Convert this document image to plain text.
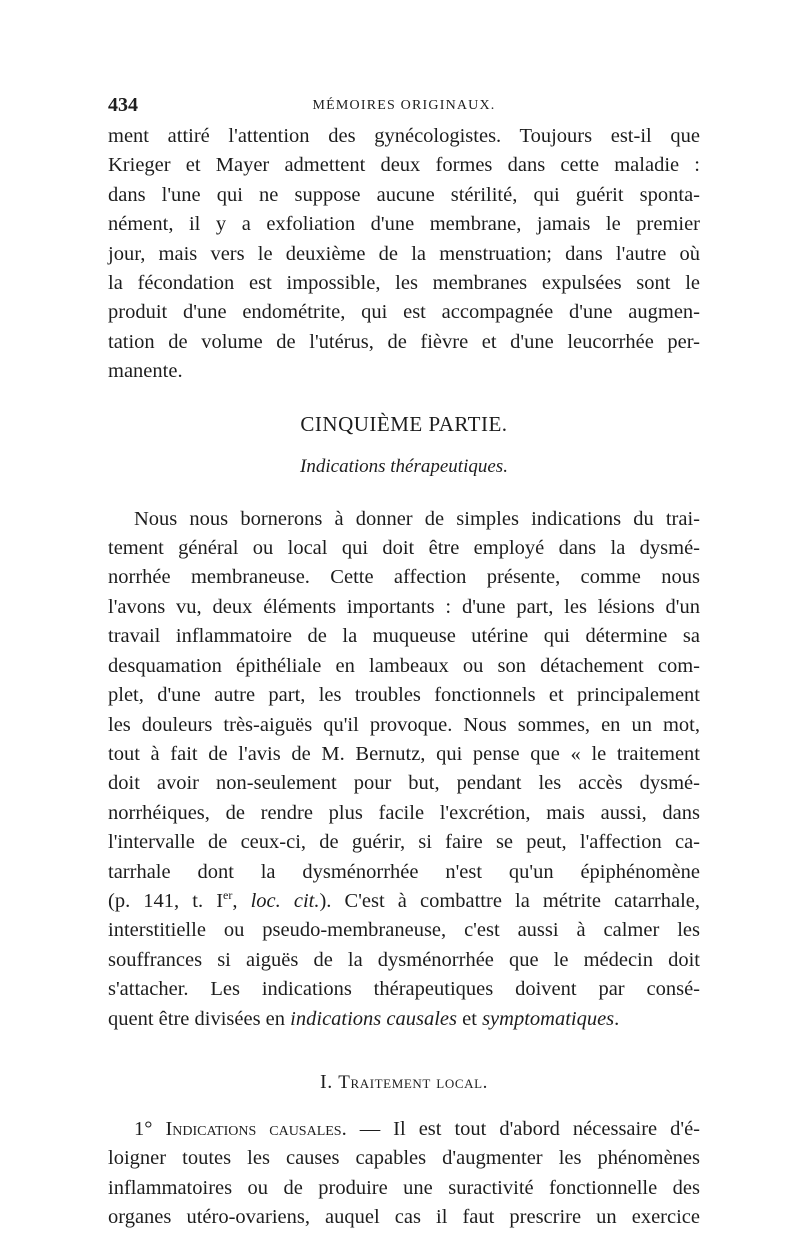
434	MÉMOIRES ORIGINAUX.

ment attiré l'attention des gynécologistes. Toujours est-il que
Krieger et Mayer admettent deux formes dans cette maladie :
dans l'une qui ne suppose aucune stérilité, qui guérit sponta-
nément, il y a exfoliation d'une membrane, jamais le premier
jour, mais vers le deuxième de la menstruation; dans l'autre où
la fécondation est impossible, les membranes expulsées sont le
produit d'une endométrite, qui est accompagnée d'une augmen-
tation de volume de l'utérus, de fièvre et d'une leucorrhée per-
manente.

CINQUIÈME PARTIE.
Indications thérapeutiques.

Nous nous bornerons à donner de simples indications du trai-
tement général ou local qui doit être employé dans la dysmé-
norrhée membraneuse. Cette affection présente, comme nous
l'avons vu, deux éléments importants : d'une part, les lésions d'un
travail inflammatoire de la muqueuse utérine qui détermine sa
desquamation épithéliale en lambeaux ou son détachement com-
plet, d'une autre part, les troubles fonctionnels et principalement
les douleurs très-aiguës qu'il provoque. Nous sommes, en un mot,
tout à fait de l'avis de M. Bernutz, qui pense que « le traitement
doit avoir non-seulement pour but, pendant les accès dysmé-
norrhéiques, de rendre plus facile l'excrétion, mais aussi, dans
l'intervalle de ceux-ci, de guérir, si faire se peut, l'affection ca-
tarrhale dont la dysménorrhée n'est qu'un épiphénomène
(p. 141, t. Ier, loc. cit.). C'est à combattre la métrite catarrhale,
interstitielle ou pseudo-membraneuse, c'est aussi à calmer les
souffrances si aiguës de la dysménorrhée que le médecin doit
s'attacher. Les indications thérapeutiques doivent par consé-
quent être divisées en indications causales et symptomatiques.

I. Traitement local.

1° Indications causales. — Il est tout d'abord nécessaire d'é-
loigner toutes les causes capables d'augmenter les phénomènes
inflammatoires ou de produire une suractivité fonctionnelle des
organes utéro-ovariens, auquel cas il faut prescrire un exercice
